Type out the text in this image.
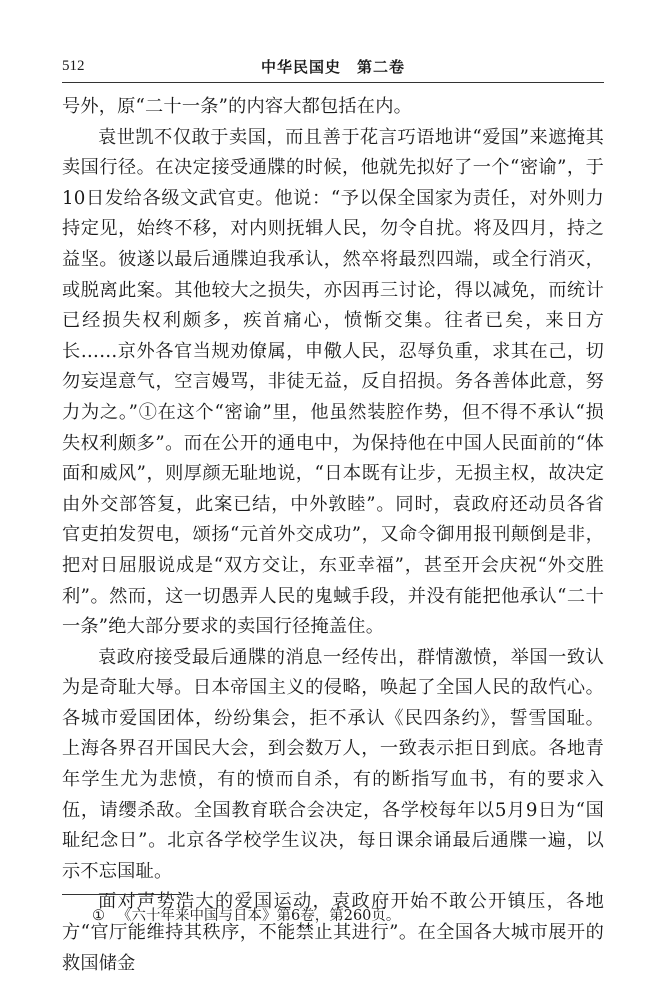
512	中华民国史　第二卷

号外，原“二十一条”的内容大都包括在内。

袁世凯不仅敢于卖国，而且善于花言巧语地讲“爱国”来遮掩其卖国行径。在决定接受通牒的时候，他就先拟好了一个“密谕”，于10日发给各级文武官吏。他说：“予以保全国家为责任，对外则力持定见，始终不移，对内则抚辑人民，勿令自扰。将及四月，持之益坚。彼遂以最后通牒迫我承认，然卒将最烈四端，或全行消灭，或脱离此案。其他较大之损失，亦因再三讨论，得以减免，而统计已经损失权利颇多，疾首痛心，愤惭交集。往者已矣，来日方长……京外各官当规劝僚属，申儆人民，忍辱负重，求其在己，切勿妄逞意气，空言嫚骂，非徒无益，反自招损。务各善体此意，努力为之。”①在这个“密谕”里，他虽然装腔作势，但不得不承认“损失权利颇多”。而在公开的通电中，为保持他在中国人民面前的“体面和威风”，则厚颜无耻地说，“日本既有让步，无损主权，故决定由外交部答复，此案已结，中外敦睦”。同时，袁政府还动员各省官吏拍发贺电，颂扬“元首外交成功”，又命令御用报刊颠倒是非，把对日屈服说成是“双方交让，东亚幸福”，甚至开会庆祝“外交胜利”。然而，这一切愚弄人民的鬼蜮手段，并没有能把他承认“二十一条”绝大部分要求的卖国行径掩盖住。

袁政府接受最后通牒的消息一经传出，群情激愤，举国一致认为是奇耻大辱。日本帝国主义的侵略，唤起了全国人民的敌忾心。各城市爱国团体，纷纷集会，拒不承认《民四条约》，誓雪国耻。上海各界召开国民大会，到会数万人，一致表示拒日到底。各地青年学生尤为悲愤，有的愤而自杀，有的断指写血书，有的要求入伍，请缨杀敌。全国教育联合会决定，各学校每年以5月9日为“国耻纪念日”。北京各学校学生议决，每日课余诵最后通牒一遍，以示不忘国耻。

面对声势浩大的爱国运动，袁政府开始不敢公开镇压，各地方“官厅能维持其秩序，不能禁止其进行”。在全国各大城市展开的救国储金

① 《六十年来中国与日本》第6卷，第260页。
